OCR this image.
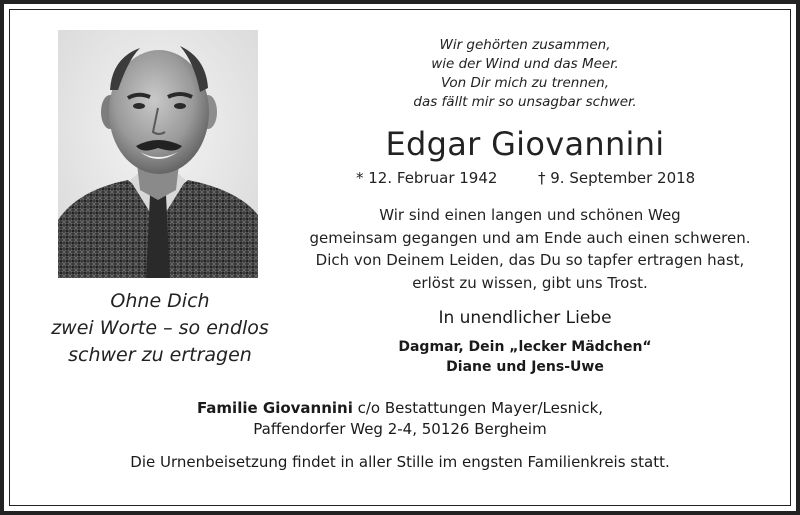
Ohne Dich
zwei Worte – so endlos
schwer zu ertragen
Wir gehörten zusammen,
wie der Wind und das Meer.
Von Dir mich zu trennen,
das fällt mir so unsagbar schwer.
Edgar Giovannini
* 12. Februar 1942	† 9. September 2018
Wir sind einen langen und schönen Weg
gemeinsam gegangen und am Ende auch einen schweren.
Dich von Deinem Leiden, das Du so tapfer ertragen hast,
erlöst zu wissen, gibt uns Trost.
In unendlicher Liebe
Dagmar, Dein „lecker Mädchen“
Diane und Jens-Uwe
Familie Giovannini c/o Bestattungen Mayer/Lesnick,
Paffendorfer Weg 2-4, 50126 Bergheim
Die Urnenbeisetzung findet in aller Stille im engsten Familienkreis statt.
